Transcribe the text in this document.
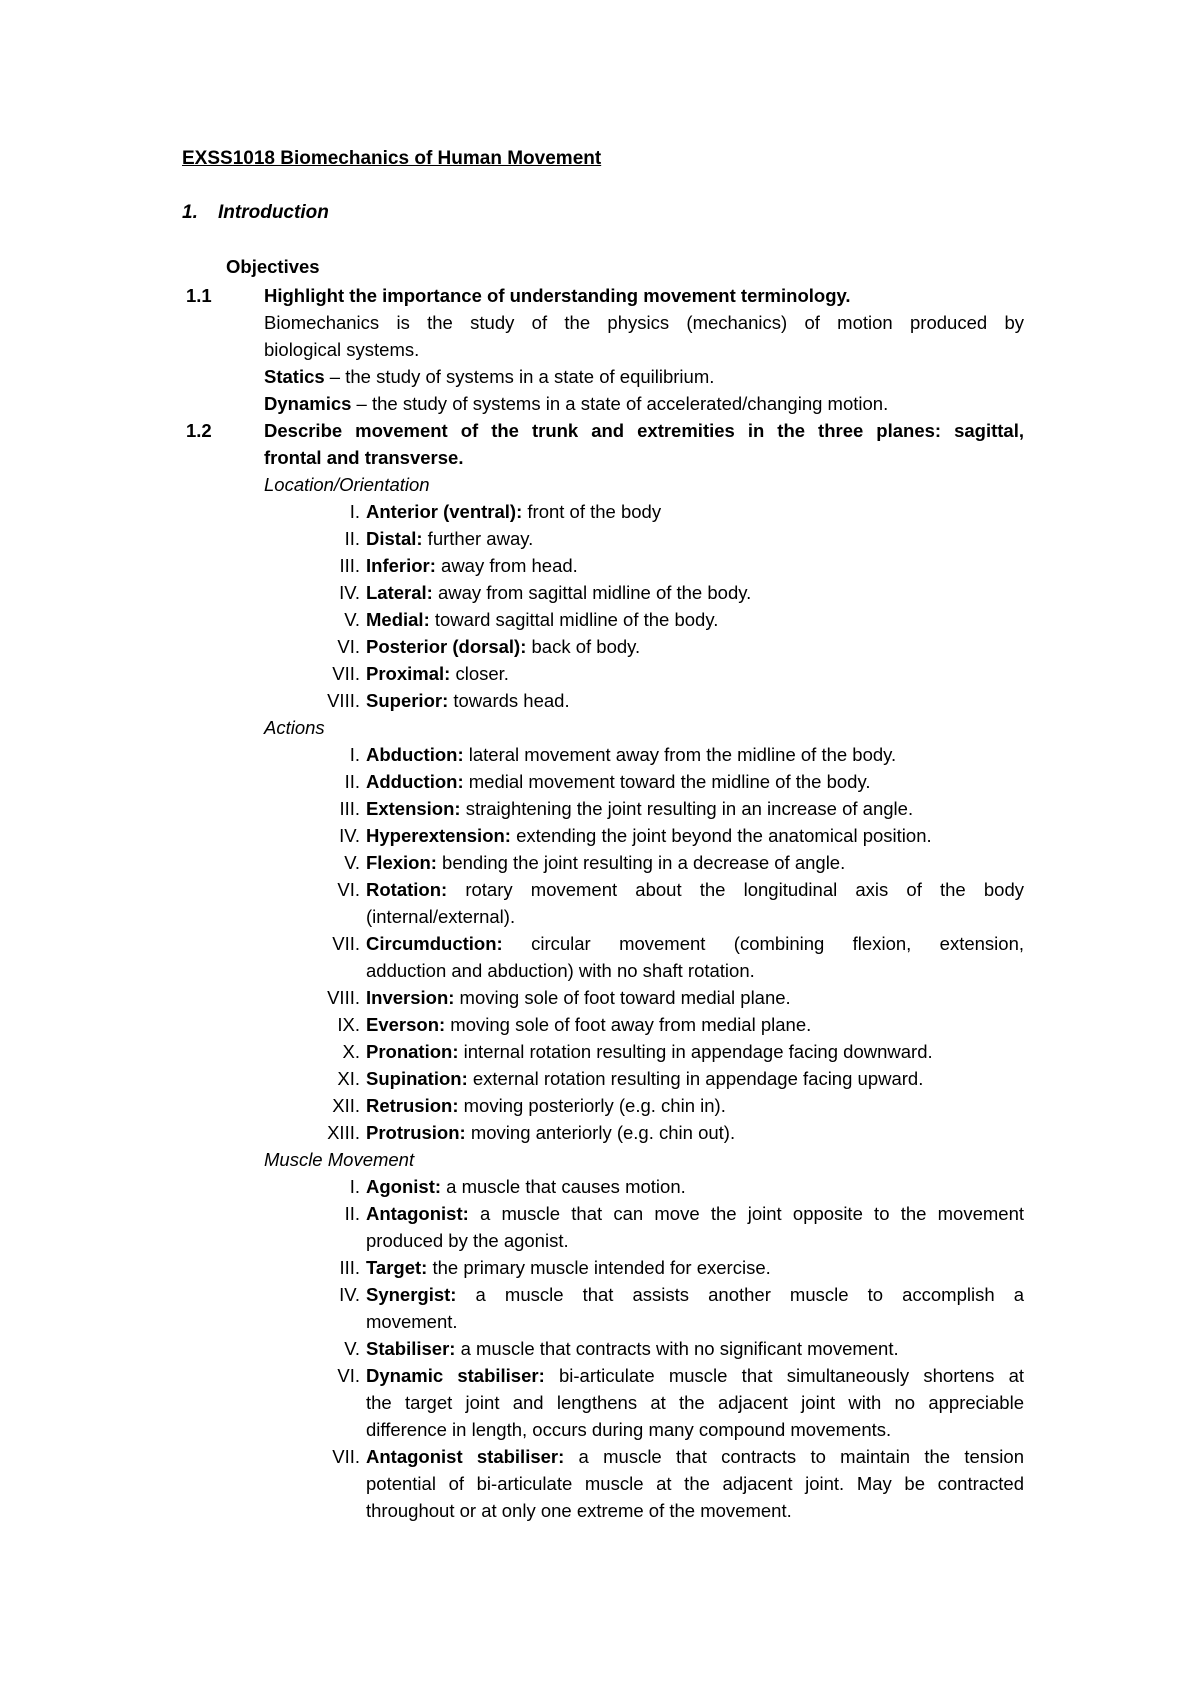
EXSS1018 Biomechanics of Human Movement
1. Introduction
Objectives
1.1	Highlight the importance of understanding movement terminology.
Biomechanics is the study of the physics (mechanics) of motion produced by
biological systems.
Statics – the study of systems in a state of equilibrium.
Dynamics – the study of systems in a state of accelerated/changing motion.
1.2	Describe movement of the trunk and extremities in the three planes: sagittal,
frontal and transverse.
Location/Orientation
I. Anterior (ventral): front of the body
II. Distal: further away.
III. Inferior: away from head.
IV. Lateral: away from sagittal midline of the body.
V. Medial: toward sagittal midline of the body.
VI. Posterior (dorsal): back of body.
VII. Proximal: closer.
VIII. Superior: towards head.
Actions
I. Abduction: lateral movement away from the midline of the body.
II. Adduction: medial movement toward the midline of the body.
III. Extension: straightening the joint resulting in an increase of angle.
IV. Hyperextension: extending the joint beyond the anatomical position.
V. Flexion: bending the joint resulting in a decrease of angle.
VI. Rotation: rotary movement about the longitudinal axis of the body
(internal/external).
VII. Circumduction: circular movement (combining flexion, extension,
adduction and abduction) with no shaft rotation.
VIII. Inversion: moving sole of foot toward medial plane.
IX. Everson: moving sole of foot away from medial plane.
X. Pronation: internal rotation resulting in appendage facing downward.
XI. Supination: external rotation resulting in appendage facing upward.
XII. Retrusion: moving posteriorly (e.g. chin in).
XIII. Protrusion: moving anteriorly (e.g. chin out).
Muscle Movement
I. Agonist: a muscle that causes motion.
II. Antagonist: a muscle that can move the joint opposite to the movement
produced by the agonist.
III. Target: the primary muscle intended for exercise.
IV. Synergist: a muscle that assists another muscle to accomplish a
movement.
V. Stabiliser: a muscle that contracts with no significant movement.
VI. Dynamic stabiliser: bi-articulate muscle that simultaneously shortens at
the target joint and lengthens at the adjacent joint with no appreciable
difference in length, occurs during many compound movements.
VII. Antagonist stabiliser: a muscle that contracts to maintain the tension
potential of bi-articulate muscle at the adjacent joint. May be contracted
throughout or at only one extreme of the movement.
